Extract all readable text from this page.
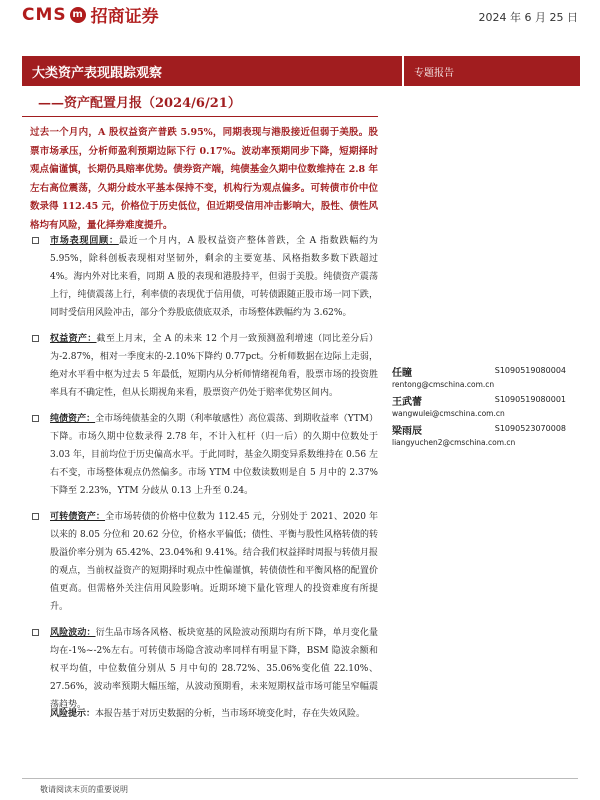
CMS m 招商证券	2024 年 6 月 25 日
大类资产表现跟踪观察	专题报告
——资产配置月报（2024/6/21）
过去一个月内，A 股权益资产普跌 5.95%，同期表现与港股接近但弱于美股。股票市场承压，分析师盈利预期边际下行 0.17%。波动率预期同步下降，短期择时观点偏谨慎，长期仍具赔率优势。债券资产端，纯债基金久期中位数维持在 2.8 年左右高位震荡，久期分歧水平基本保持不变，机构行为观点偏多。可转债市价中位数录得 112.45 元，价格位于历史低位，但近期受信用冲击影响大，股性、债性风格均有风险，量化择券难度提升。
市场表现回顾：最近一个月内，A 股权益资产整体普跌，全 A 指数跌幅约为 5.95%，除科创板表现相对坚韧外，剩余的主要宽基、风格指数多数下跌超过 4%。海内外对比来看，同期 A 股的表现和港股持平，但弱于美股。纯债资产震荡上行，纯债震荡上行，利率债的表现优于信用债，可转债跟随正股市场一同下跌，同时受信用风险冲击，部分个券股底债底双杀，市场整体跌幅约为 3.62%。
权益资产：截至上月末，全 A 的未来 12 个月一致预测盈利增速（同比差分后）为-2.87%，相对一季度末的-2.10%下降约 0.77pct。分析师数据在边际上走弱，绝对水平看中枢为过去 5 年最低，短期内从分析师情绪视角看，股票市场的投资胜率具有不确定性，但从长期视角来看，股票资产仍处于赔率优势区间内。
纯债资产：全市场纯债基金的久期（利率敏感性）高位震荡、到期收益率（YTM）下降。市场久期中位数录得 2.78 年，不计入杠杆（归一后）的久期中位数处于 3.03 年，目前均位于历史偏高水平。于此同时，基金久期变异系数维持在 0.56 左右不变，市场整体观点仍然偏多。市场 YTM 中位数读数则是自 5 月中的 2.37%下降至 2.23%，YTM 分歧从 0.13 上升至 0.24。
可转债资产：全市场转债的价格中位数为 112.45 元，分别处于 2021、2020 年以来的 8.05 分位和 20.62 分位，价格水平偏低；债性、平衡与股性风格转债的转股溢价率分别为 65.42%、23.04%和 9.41%。结合我们权益择时周报与转债月报的观点，当前权益资产的短期择时观点中性偏谨慎，转债债性和平衡风格的配置价值更高。但需格外关注信用风险影响。近期环境下量化管理人的投资难度有所提升。
风险波动：衍生品市场各风格、板块宽基的风险波动预期均有所下降，单月变化量均在-1%~-2%左右。可转债市场隐含波动率同样有明显下降，BSM 隐波余额和权平均值，中位数值分别从 5 月中旬的 28.72%、35.06%变化值 22.10%、27.56%，波动率预期大幅压缩，从波动预期看，未来短期权益市场可能呈窄幅震荡趋势。
风险提示：本报告基于对历史数据的分析，当市场环境变化时，存在失效风险。
任瞳	S1090519080004
rentong@cmschina.com.cn
王武蕾	S1090519080001
wangwulei@cmschina.com.cn
梁雨辰	S1090523070008
liangyuchen2@cmschina.com.cn
敬请阅读末页的重要说明
